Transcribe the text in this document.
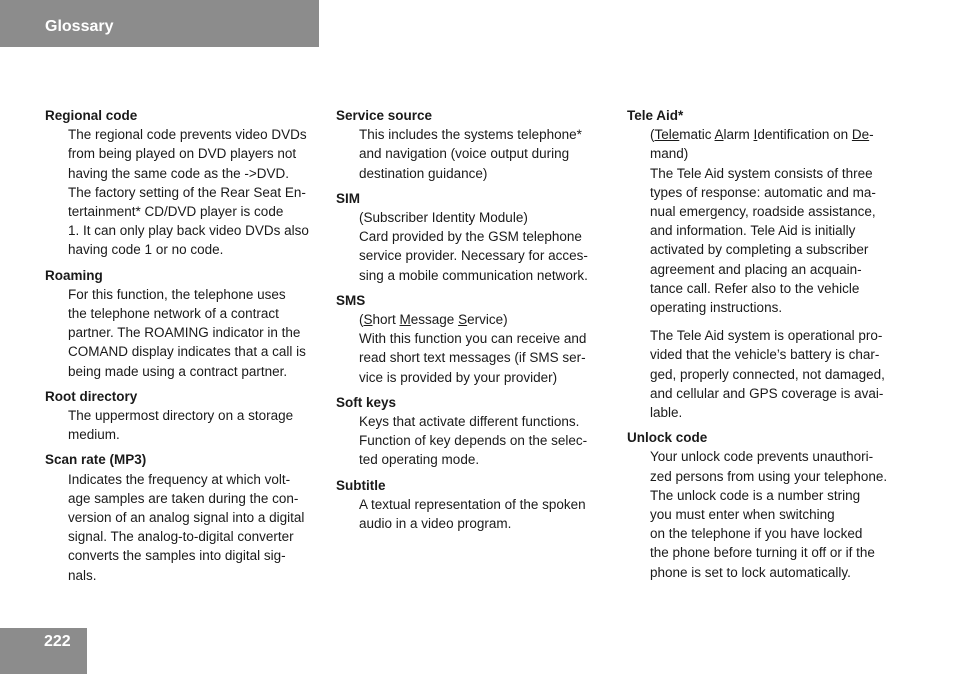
Glossary
Regional code
The regional code prevents video DVDs
from being played on DVD players not
having the same code as the ->DVD.
The factory setting of the Rear Seat En-
tertainment* CD/DVD player is code
1. It can only play back video DVDs also
having code 1 or no code.
Roaming
For this function, the telephone uses
the telephone network of a contract
partner. The ROAMING indicator in the
COMAND display indicates that a call is
being made using a contract partner.
Root directory
The uppermost directory on a storage
medium.
Scan rate (MP3)
Indicates the frequency at which volt-
age samples are taken during the con-
version of an analog signal into a digital
signal. The analog-to-digital converter
converts the samples into digital sig-
nals.
Service source
This includes the systems telephone*
and navigation (voice output during
destination guidance)
SIM
(Subscriber Identity Module)
Card provided by the GSM telephone
service provider. Necessary for acces-
sing a mobile communication network.
SMS
(Short Message Service)
With this function you can receive and
read short text messages (if SMS ser-
vice is provided by your provider)
Soft keys
Keys that activate different functions.
Function of key depends on the selec-
ted operating mode.
Subtitle
A textual representation of the spoken
audio in a video program.
Tele Aid*
(Telematic Alarm Identification on De-
mand)
The Tele Aid system consists of three
types of response: automatic and ma-
nual emergency, roadside assistance,
and information. Tele Aid is initially
activated by completing a subscriber
agreement and placing an acquain-
tance call. Refer also to the vehicle
operating instructions.
The Tele Aid system is operational pro-
vided that the vehicle’s battery is char-
ged, properly connected, not damaged,
and cellular and GPS coverage is avai-
lable.
Unlock code
Your unlock code prevents unauthori-
zed persons from using your telephone.
The unlock code is a number string
you must enter when switching
on the telephone if you have locked
the phone before turning it off or if the
phone is set to lock automatically.
222
